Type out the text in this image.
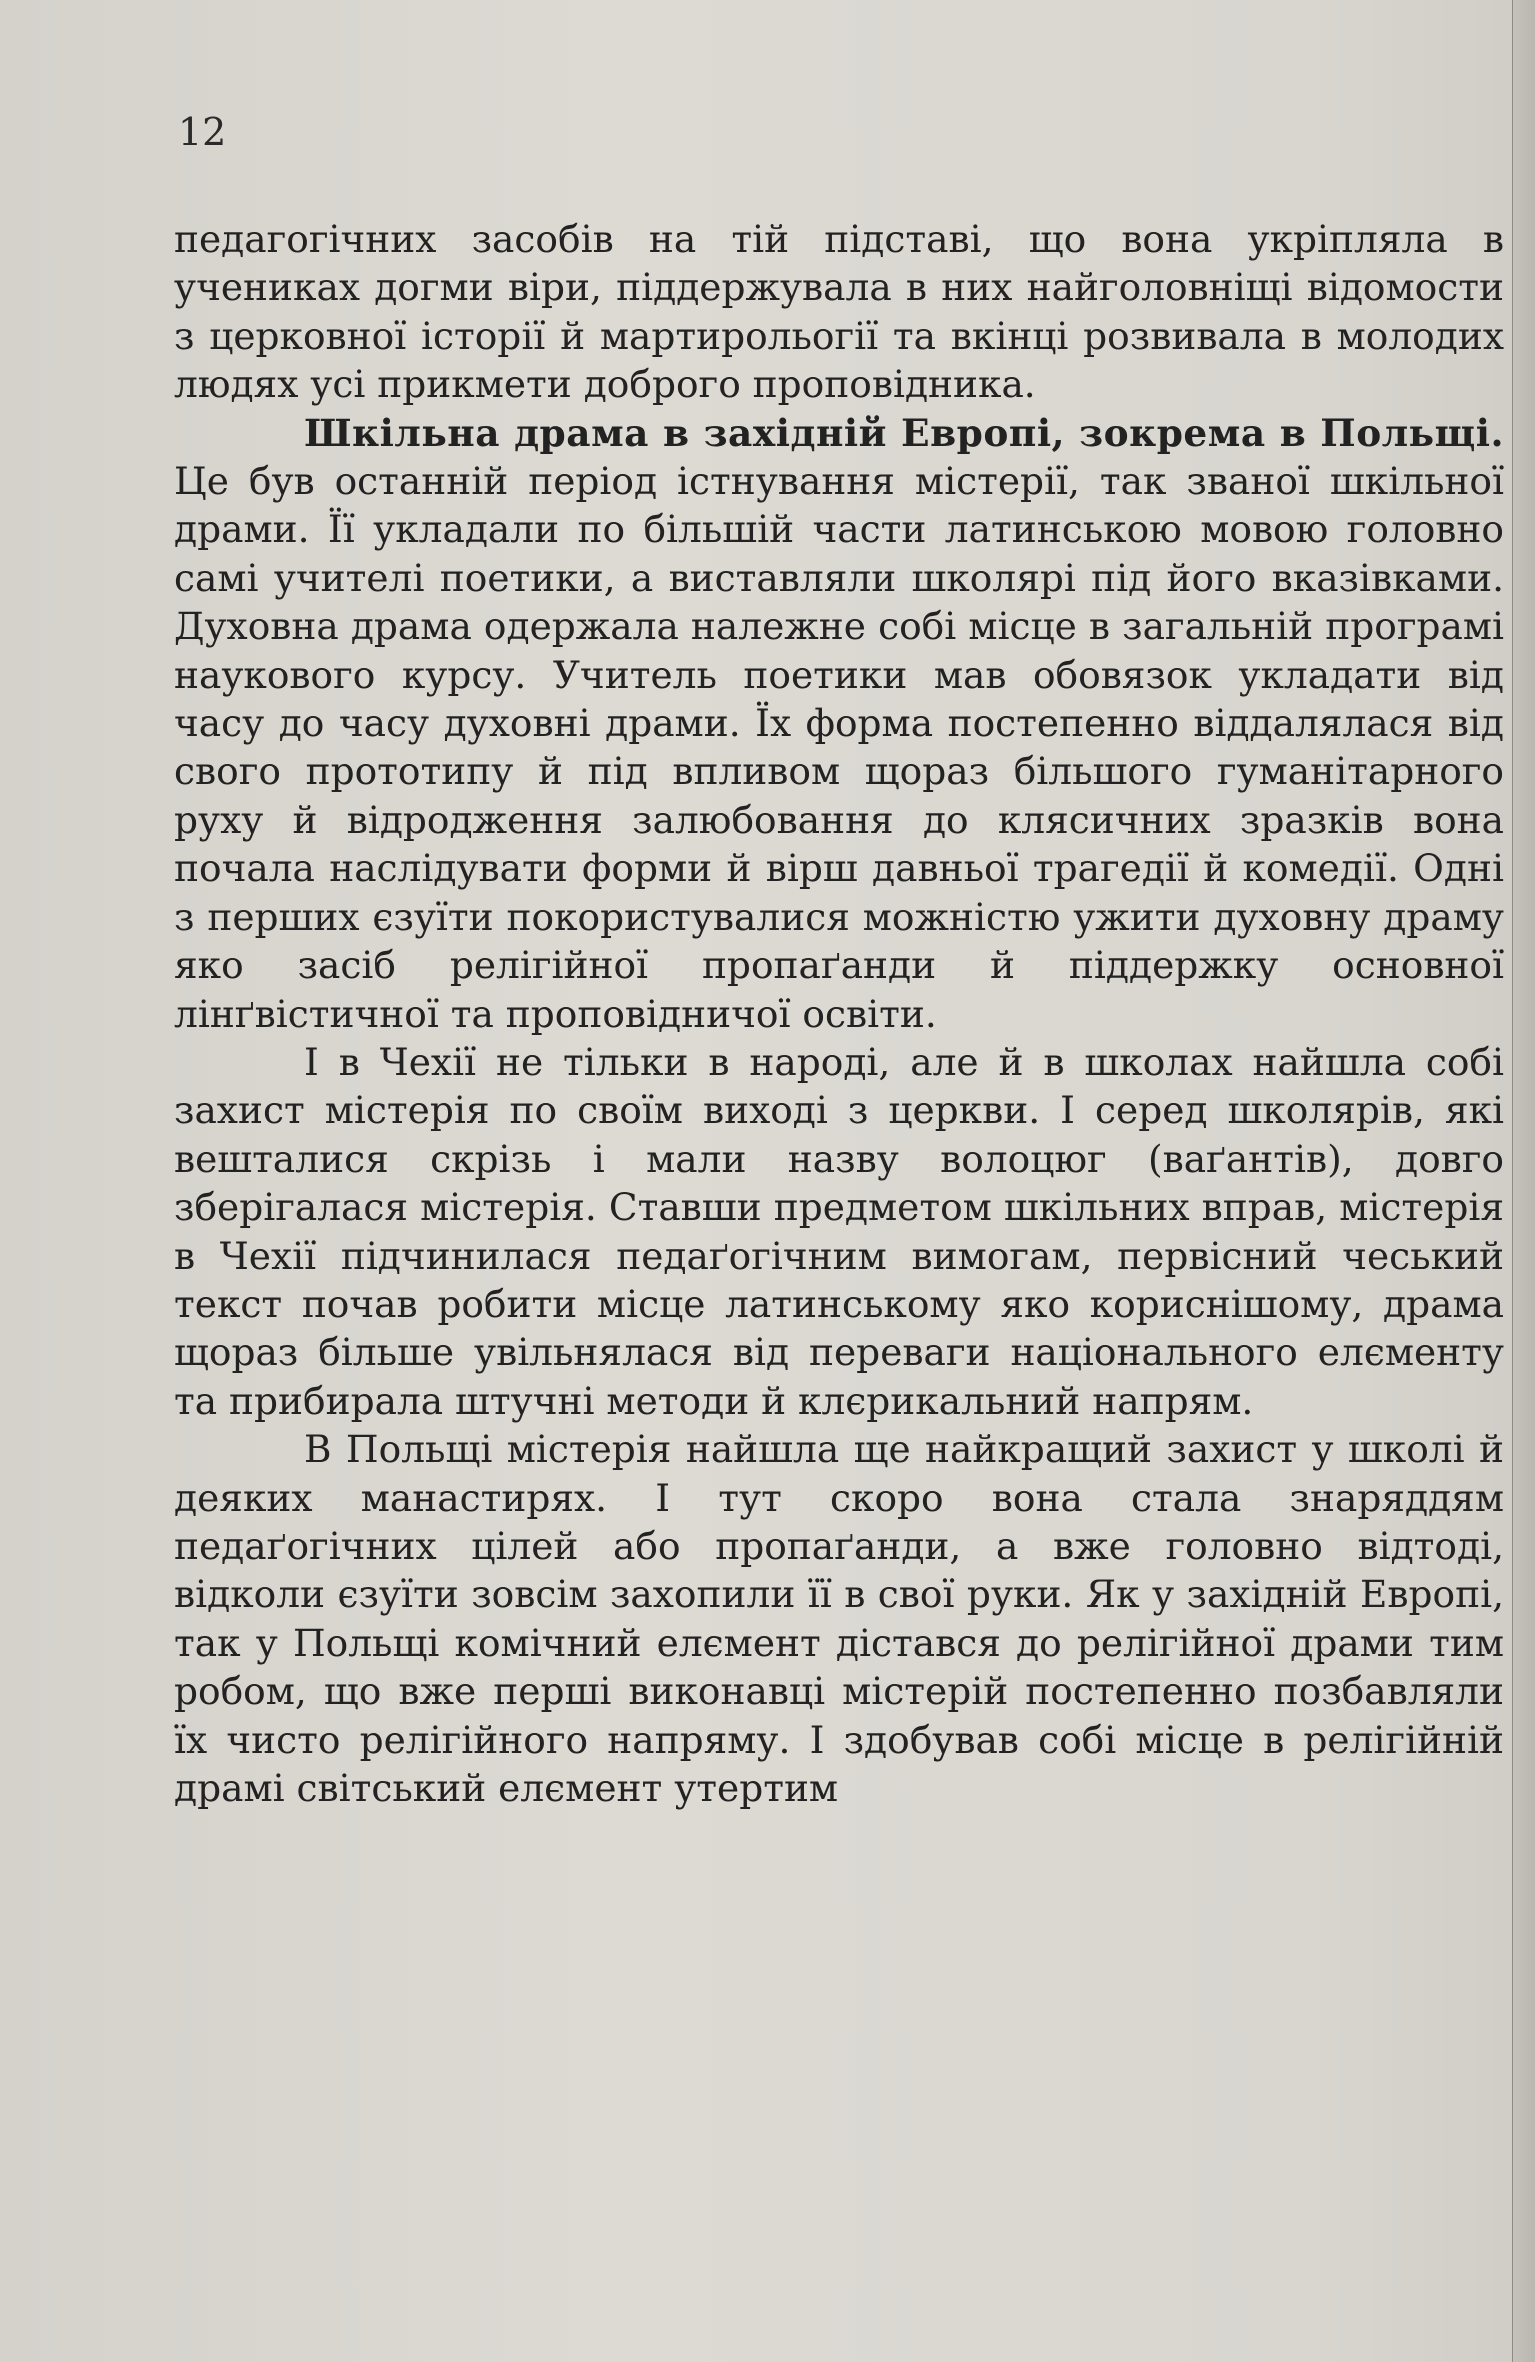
12

педагогічних засобів на тій підставі, що вона укріпляла в учениках догми віри, піддержувала в них найголовніщі відомости з церковної історії й мартирольогії та вкінці розвивала в молодих людях усі прикмети доброго проповідника.

Шкільна драма в західній Европі, зокрема в Польщі. Це був останній період істнування містерії, так званої шкільної драми. Її укладали по більшій части латинською мовою головно самі учителі поетики, а виставляли школярі під його вказівками. Духовна драма одержала належне собі місце в загальній програмі наукового курсу. Учитель поетики мав обовязок укладати від часу до часу духовні драми. Їх форма постепенно віддалялася від свого прототипу й під впливом щораз більшого гуманітарного руху й відродження залюбовання до клясичних зразків вона почала наслідувати форми й вірш давньої трагедії й комедії. Одні з перших єзуїти покористувалися можністю ужити духовну драму яко засіб релігійної пропаґанди й піддержку основної лінґвістичної та проповідничої освіти.

І в Чехії не тільки в народі, але й в школах найшла собі захист містерія по своїм виході з церкви. І серед школярів, які вешталися скрізь і мали назву волоцюг (ваґантів), довго зберігалася містерія. Ставши предметом шкільних вправ, містерія в Чехії підчинилася педаґогічним вимогам, первісний чеський текст почав робити місце латинському яко кориснішому, драма щораз більше увільнялася від переваги національного елєменту та прибирала штучні методи й клєрикальний напрям.

В Польщі містерія найшла ще найкращий захист у школі й деяких манастирях. І тут скоро вона стала знаряддям педаґогічних цілей або пропаґанди, а вже головно відтоді, відколи єзуїти зовсім захопили її в свої руки. Як у західній Европі, так у Польщі комічний елємент дістався до релігійної драми тим робом, що вже перші виконавці містерій постепенно позбавляли їх чисто релігійного напряму. І здобував собі місце в релігійній драмі світський елємент утертим
